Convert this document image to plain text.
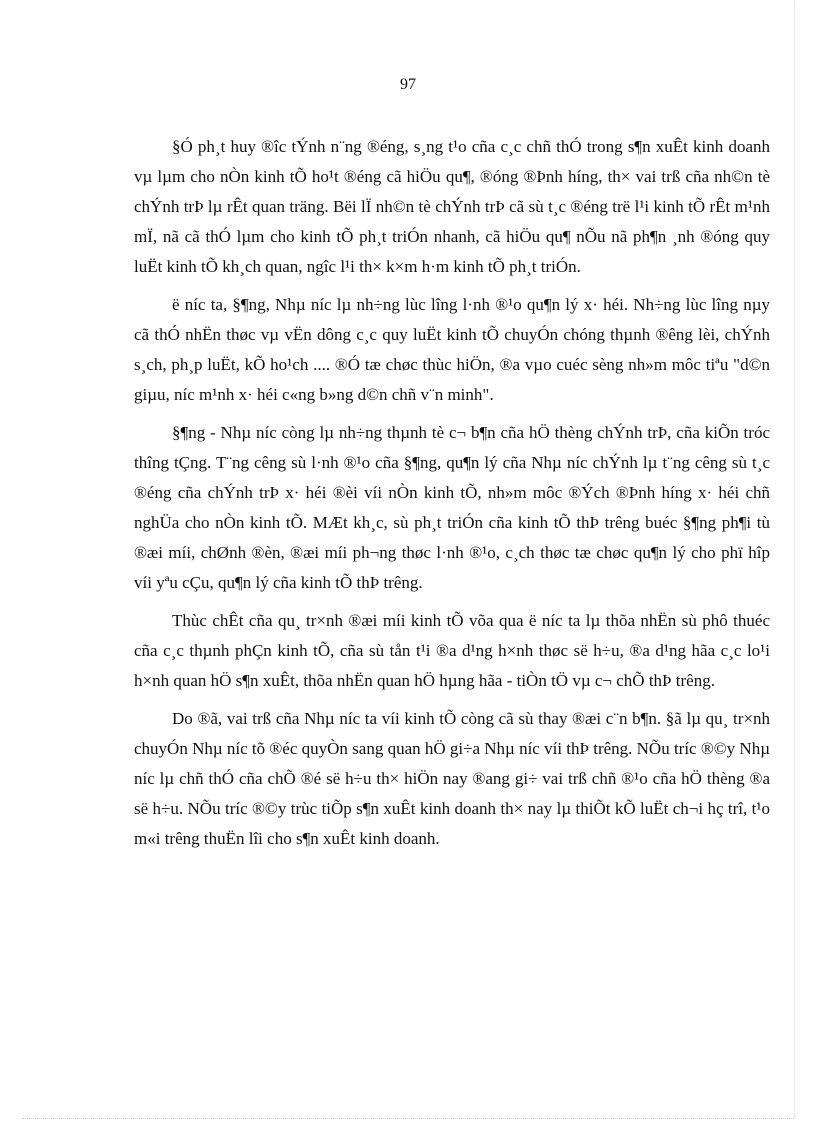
97

§Ó ph¸t huy ®îc tÝnh n¨ng ®éng, s¸ng t¹o cña c¸c chñ thÓ trong s¶n xuÊt kinh doanh vµ lµm cho nÒn kinh tÕ ho¹t ®éng cã hiÖu qu¶, ®óng ®Þnh híng, th× vai trß cña nh©n tè chÝnh trÞ lµ rÊt quan träng. Bëi lÏ nh©n tè chÝnh trÞ cã sù t¸c ®éng trë l¹i kinh tÕ rÊt m¹nh mÏ, nã cã thÓ lµm cho kinh tÕ ph¸t triÓn nhanh, cã hiÖu qu¶ nÕu nã ph¶n ¸nh ®óng quy luËt kinh tÕ kh¸ch quan, ngîc l¹i th× k×m h·m kinh tÕ ph¸t triÓn.

ë níc ta, §¶ng, Nhµ níc lµ nh÷ng lùc lîng l·nh ®¹o qu¶n lý x· héi. Nh÷ng lùc lîng nµy cã thÓ nhËn thøc vµ vËn dông c¸c quy luËt kinh tÕ chuyÓn chóng thµnh ®êng lèi, chÝnh s¸ch, ph¸p luËt, kÕ ho¹ch .... ®Ó tæ chøc thùc hiÖn, ®a vµo cuéc sèng nh»m môc tiªu "d©n giµu, níc m¹nh x· héi c«ng b»ng d©n chñ v¨n minh".

§¶ng - Nhµ níc còng lµ nh÷ng thµnh tè c¬ b¶n cña hÖ thèng chÝnh trÞ, cña kiÕn tróc thîng tÇng. T¨ng cêng sù l·nh ®¹o cña §¶ng, qu¶n lý cña Nhµ níc chÝnh lµ t¨ng cêng sù t¸c ®éng cña chÝnh trÞ x· héi ®èi víi nÒn kinh tÕ, nh»m môc ®Ých ®Þnh híng x· héi chñ nghÜa cho nÒn kinh tÕ. MÆt kh¸c, sù ph¸t triÓn cña kinh tÕ thÞ trêng buéc §¶ng ph¶i tù ®æi míi, chØnh ®èn, ®æi míi ph¬ng thøc l·nh ®¹o, c¸ch thøc tæ chøc qu¶n lý cho phï hîp víi yªu cÇu, qu¶n lý cña kinh tÕ thÞ trêng.

Thùc chÊt cña qu¸ tr×nh ®æi míi kinh tÕ võa qua ë níc ta lµ thõa nhËn sù phô thuéc cña c¸c thµnh phÇn kinh tÕ, cña sù tån t¹i ®a d¹ng h×nh thøc së h÷u, ®a d¹ng hãa c¸c lo¹i h×nh quan hÖ s¶n xuÊt, thõa nhËn quan hÖ hµng hãa - tiÒn tÖ vµ c¬ chÕ thÞ trêng.

Do ®ã, vai trß cña Nhµ níc ta víi kinh tÕ còng cã sù thay ®æi c¨n b¶n. §ã lµ qu¸ tr×nh chuyÓn Nhµ níc tõ ®éc quyÒn sang quan hÖ gi÷a Nhµ níc víi thÞ trêng. NÕu tríc ®©y Nhµ níc lµ chñ thÓ cña chÕ ®é së h÷u th× hiÖn nay ®ang gi÷ vai trß chñ ®¹o cña hÖ thèng ®a së h÷u. NÕu tríc ®©y trùc tiÕp s¶n xuÊt kinh doanh th× nay lµ thiÕt kÕ luËt ch¬i hç trî, t¹o m«i trêng thuËn lîi cho s¶n xuÊt kinh doanh.
